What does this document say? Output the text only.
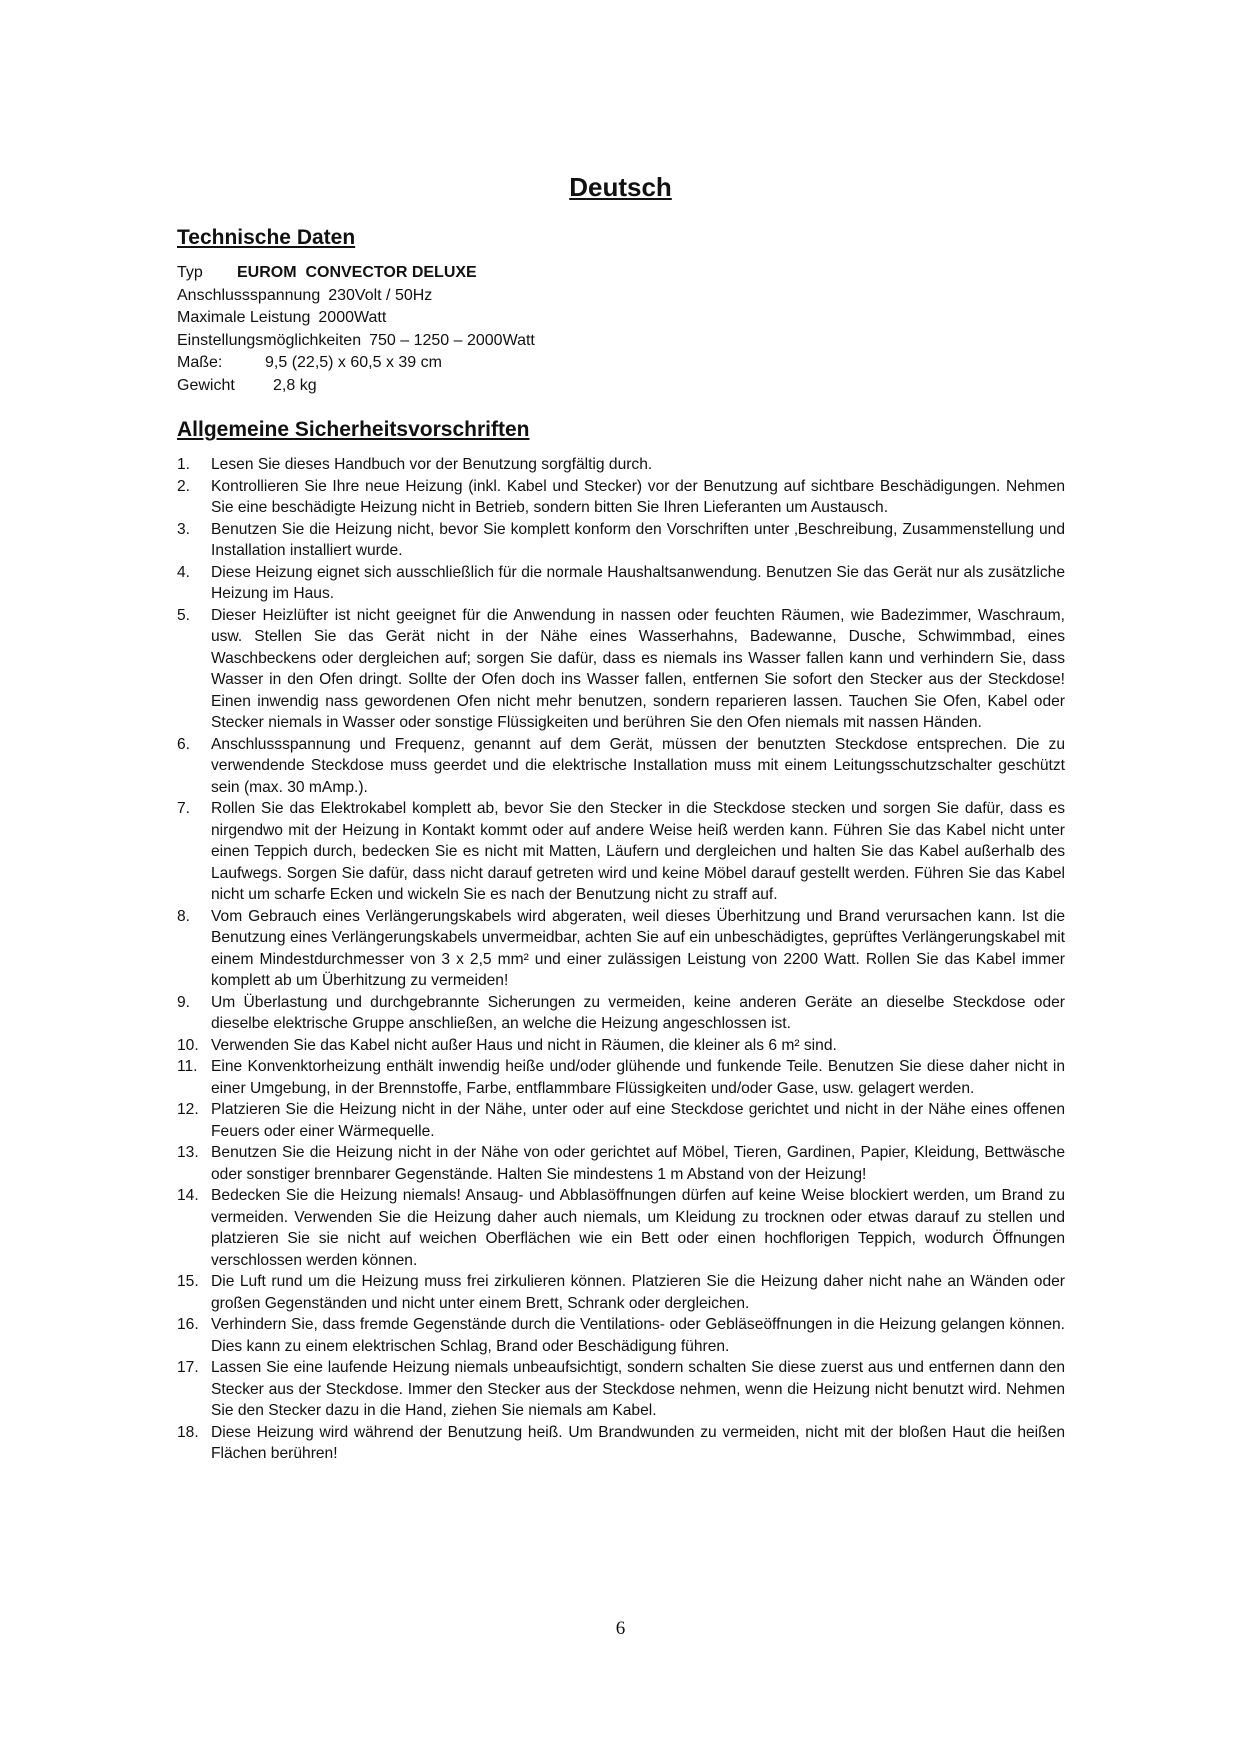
Deutsch
Technische Daten
Typ EUROM  CONVECTOR DELUXE
Anschlussspannung 230Volt / 50Hz
Maximale Leistung 2000Watt
Einstellungsmöglichkeiten 750 – 1250 – 2000Watt
Maße:	9,5 (22,5) x 60,5 x 39 cm
Gewicht 2,8 kg
Allgemeine Sicherheitsvorschriften
1. Lesen Sie dieses Handbuch vor der Benutzung sorgfältig durch.
2. Kontrollieren Sie Ihre neue Heizung (inkl. Kabel und Stecker) vor der Benutzung auf sichtbare Beschädigungen. Nehmen Sie eine beschädigte Heizung nicht in Betrieb, sondern bitten Sie Ihren Lieferanten um Austausch.
3. Benutzen Sie die Heizung nicht, bevor Sie komplett konform den Vorschriften unter ‚Beschreibung, Zusammenstellung und Installation installiert wurde.
4. Diese Heizung eignet sich ausschließlich für die normale Haushaltsanwendung. Benutzen Sie das Gerät nur als zusätzliche Heizung im Haus.
5. Dieser Heizlüfter ist nicht geeignet für die Anwendung in nassen oder feuchten Räumen, wie Badezimmer, Waschraum, usw. Stellen Sie das Gerät nicht in der Nähe eines Wasserhahns, Badewanne, Dusche, Schwimmbad, eines Waschbeckens oder dergleichen auf; sorgen Sie dafür, dass es niemals ins Wasser fallen kann und verhindern Sie, dass Wasser in den Ofen dringt. Sollte der Ofen doch ins Wasser fallen, entfernen Sie sofort den Stecker aus der Steckdose! Einen inwendig nass gewordenen Ofen nicht mehr benutzen, sondern reparieren lassen. Tauchen Sie Ofen, Kabel oder Stecker niemals in Wasser oder sonstige Flüssigkeiten und berühren Sie den Ofen niemals mit nassen Händen.
6. Anschlussspannung und Frequenz, genannt auf dem Gerät, müssen der benutzten Steckdose entsprechen. Die zu verwendende Steckdose muss geerdet und die elektrische Installation muss mit einem Leitungsschutzschalter geschützt sein (max. 30 mAmp.).
7. Rollen Sie das Elektrokabel komplett ab, bevor Sie den Stecker in die Steckdose stecken und sorgen Sie dafür, dass es nirgendwo mit der Heizung in Kontakt kommt oder auf andere Weise heiß werden kann. Führen Sie das Kabel nicht unter einen Teppich durch, bedecken Sie es nicht mit Matten, Läufern und dergleichen und halten Sie das Kabel außerhalb des Laufwegs. Sorgen Sie dafür, dass nicht darauf getreten wird und keine Möbel darauf gestellt werden. Führen Sie das Kabel nicht um scharfe Ecken und wickeln Sie es nach der Benutzung nicht zu straff auf.
8. Vom Gebrauch eines Verlängerungskabels wird abgeraten, weil dieses Überhitzung und Brand verursachen kann. Ist die Benutzung eines Verlängerungskabels unvermeidbar, achten Sie auf ein unbeschädigtes, geprüftes Verlängerungskabel mit einem Mindestdurchmesser von 3 x 2,5 mm² und einer zulässigen Leistung von 2200 Watt. Rollen Sie das Kabel immer komplett ab um Überhitzung zu vermeiden!
9. Um Überlastung und durchgebrannte Sicherungen zu vermeiden, keine anderen Geräte an dieselbe Steckdose oder dieselbe elektrische Gruppe anschließen, an welche die Heizung angeschlossen ist.
10. Verwenden Sie das Kabel nicht außer Haus und nicht in Räumen, die kleiner als 6 m² sind.
11. Eine Konvenktorheizung enthält inwendig heiße und/oder glühende und funkende Teile. Benutzen Sie diese daher nicht in einer Umgebung, in der Brennstoffe, Farbe, entflammbare Flüssigkeiten und/oder Gase, usw. gelagert werden.
12. Platzieren Sie die Heizung nicht in der Nähe, unter oder auf eine Steckdose gerichtet und nicht in der Nähe eines offenen Feuers oder einer Wärmequelle.
13. Benutzen Sie die Heizung nicht in der Nähe von oder gerichtet auf Möbel, Tieren, Gardinen, Papier, Kleidung, Bettwäsche oder sonstiger brennbarer Gegenstände. Halten Sie mindestens 1 m Abstand von der Heizung!
14. Bedecken Sie die Heizung niemals! Ansaug- und Abblasöffnungen dürfen auf keine Weise blockiert werden, um Brand zu vermeiden. Verwenden Sie die Heizung daher auch niemals, um Kleidung zu trocknen oder etwas darauf zu stellen und platzieren Sie sie nicht auf weichen Oberflächen wie ein Bett oder einen hochflorigen Teppich, wodurch Öffnungen verschlossen werden können.
15. Die Luft rund um die Heizung muss frei zirkulieren können. Platzieren Sie die Heizung daher nicht nahe an Wänden oder großen Gegenständen und nicht unter einem Brett, Schrank oder dergleichen.
16. Verhindern Sie, dass fremde Gegenstände durch die Ventilations- oder Gebläseöffnungen in die Heizung gelangen können. Dies kann zu einem elektrischen Schlag, Brand oder Beschädigung führen.
17. Lassen Sie eine laufende Heizung niemals unbeaufsichtigt, sondern schalten Sie diese zuerst aus und entfernen dann den Stecker aus der Steckdose. Immer den Stecker aus der Steckdose nehmen, wenn die Heizung nicht benutzt wird. Nehmen Sie den Stecker dazu in die Hand, ziehen Sie niemals am Kabel.
18. Diese Heizung wird während der Benutzung heiß. Um Brandwunden zu vermeiden, nicht mit der bloßen Haut die heißen Flächen berühren!
6
